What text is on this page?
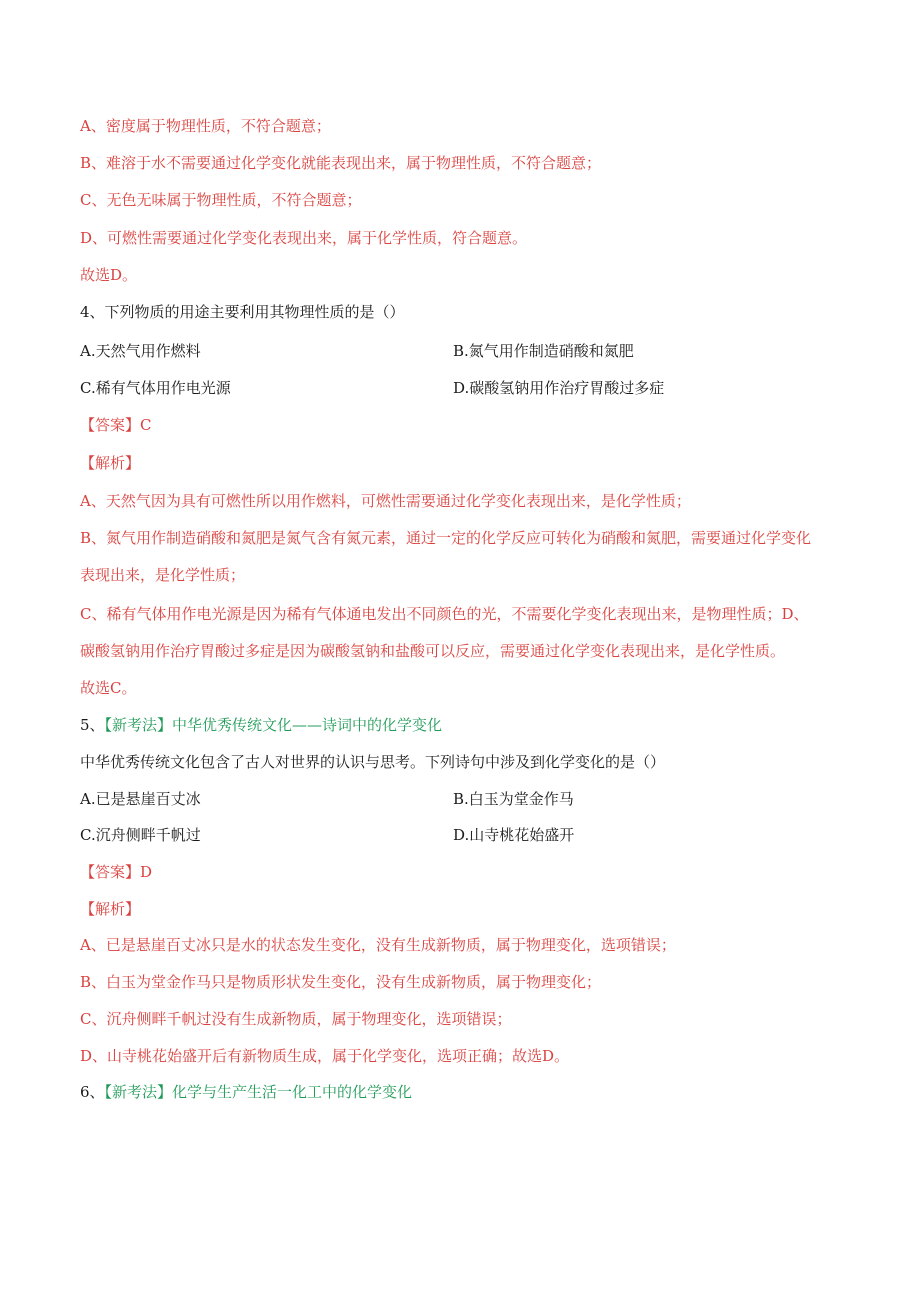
A、密度属于物理性质，不符合题意；
B、难溶于水不需要通过化学变化就能表现出来，属于物理性质，不符合题意；
C、无色无味属于物理性质，不符合题意；
D、可燃性需要通过化学变化表现出来，属于化学性质，符合题意。
故选D。
4、下列物质的用途主要利用其物理性质的是（）
A.天然气用作燃料	B.氮气用作制造硝酸和氮肥
C.稀有气体用作电光源	D.碳酸氢钠用作治疗胃酸过多症
【答案】C
【解析】
A、天然气因为具有可燃性所以用作燃料，可燃性需要通过化学变化表现出来，是化学性质；
B、氮气用作制造硝酸和氮肥是氮气含有氮元素，通过一定的化学反应可转化为硝酸和氮肥，需要通过化学变化
表现出来，是化学性质；
C、稀有气体用作电光源是因为稀有气体通电发出不同颜色的光，不需要化学变化表现出来，是物理性质；D、
碳酸氢钠用作治疗胃酸过多症是因为碳酸氢钠和盐酸可以反应，需要通过化学变化表现出来，是化学性质。
故选C。
5、【新考法】中华优秀传统文化——诗词中的化学变化
中华优秀传统文化包含了古人对世界的认识与思考。下列诗句中涉及到化学变化的是（）
A.已是悬崖百丈冰	B.白玉为堂金作马
C.沉舟侧畔千帆过	D.山寺桃花始盛开
【答案】D
【解析】
A、已是悬崖百丈冰只是水的状态发生变化，没有生成新物质，属于物理变化，选项错误；
B、白玉为堂金作马只是物质形状发生变化，没有生成新物质，属于物理变化；
C、沉舟侧畔千帆过没有生成新物质，属于物理变化，选项错误；
D、山寺桃花始盛开后有新物质生成，属于化学变化，选项正确；故选D。
6、【新考法】化学与生产生活一化工中的化学变化
